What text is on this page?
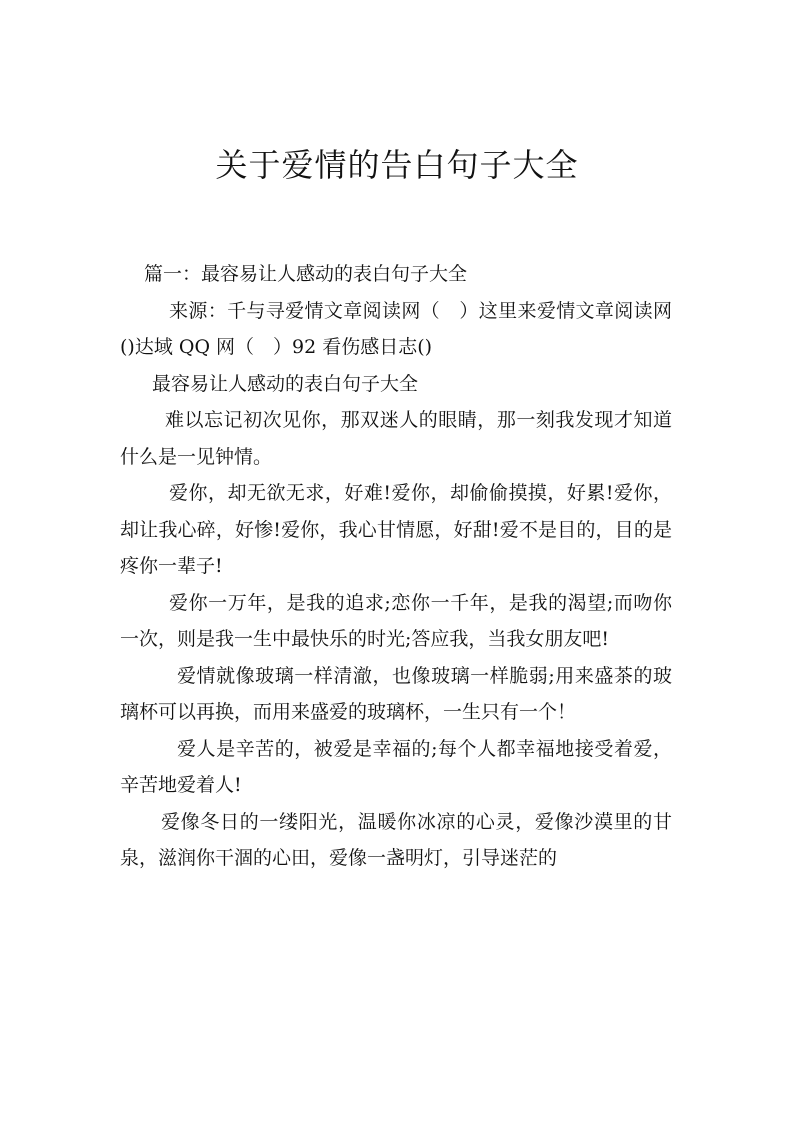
关于爱情的告白句子大全

篇一：最容易让人感动的表白句子大全

来源：千与寻爱情文章阅读网（　）这里来爱情文章阅读网()达域 QQ 网（　）92 看伤感日志()

最容易让人感动的表白句子大全

难以忘记初次见你，那双迷人的眼睛，那一刻我发现才知道什么是一见钟情。

爱你，却无欲无求，好难!爱你，却偷偷摸摸，好累!爱你，却让我心碎，好惨!爱你，我心甘情愿，好甜!爱不是目的，目的是疼你一辈子!

爱你一万年，是我的追求;恋你一千年，是我的渴望;而吻你一次，则是我一生中最快乐的时光;答应我，当我女朋友吧!

爱情就像玻璃一样清澈，也像玻璃一样脆弱;用来盛茶的玻璃杯可以再换，而用来盛爱的玻璃杯，一生只有一个！

爱人是辛苦的，被爱是幸福的;每个人都幸福地接受着爱，辛苦地爱着人!

爱像冬日的一缕阳光，温暖你冰凉的心灵，爱像沙漠里的甘泉，滋润你干涸的心田，爱像一盏明灯，引导迷茫的
